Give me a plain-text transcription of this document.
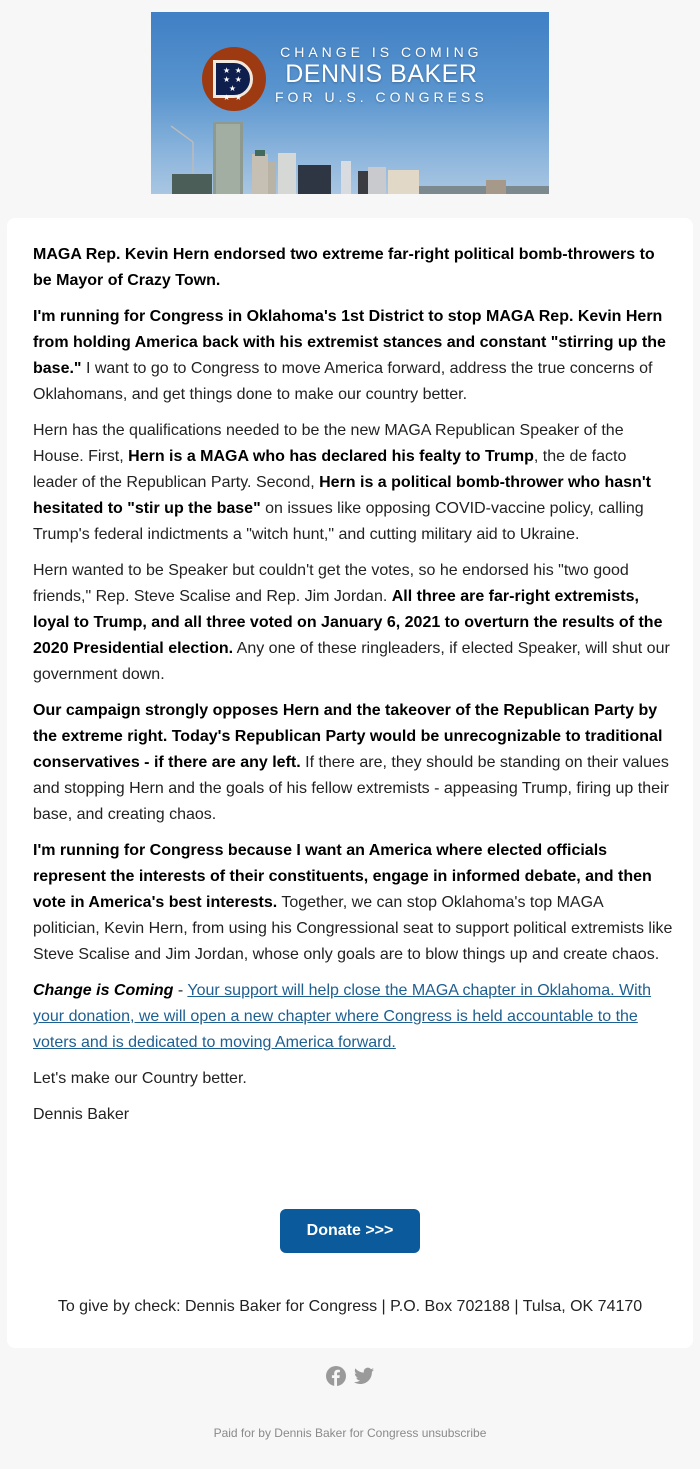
★ ★
★ ★ ★
★ ★
CHANGE IS COMING
DENNIS BAKER
FOR U.S. CONGRESS

MAGA Rep. Kevin Hern endorsed two extreme far-right political bomb-throwers to be Mayor of Crazy Town.

I'm running for Congress in Oklahoma's 1st District to stop MAGA Rep. Kevin Hern from holding America back with his extremist stances and constant "stirring up the base." I want to go to Congress to move America forward, address the true concerns of Oklahomans, and get things done to make our country better.

Hern has the qualifications needed to be the new MAGA Republican Speaker of the House. First, Hern is a MAGA who has declared his fealty to Trump, the de facto leader of the Republican Party. Second, Hern is a political bomb-thrower who hasn't hesitated to "stir up the base" on issues like opposing COVID-vaccine policy, calling Trump's federal indictments a "witch hunt," and cutting military aid to Ukraine.

Hern wanted to be Speaker but couldn't get the votes, so he endorsed his "two good friends," Rep. Steve Scalise and Rep. Jim Jordan. All three are far-right extremists, loyal to Trump, and all three voted on January 6, 2021 to overturn the results of the 2020 Presidential election. Any one of these ringleaders, if elected Speaker, will shut our government down.

Our campaign strongly opposes Hern and the takeover of the Republican Party by the extreme right. Today's Republican Party would be unrecognizable to traditional conservatives - if there are any left. If there are, they should be standing on their values and stopping Hern and the goals of his fellow extremists - appeasing Trump, firing up their base, and creating chaos.

I'm running for Congress because I want an America where elected officials represent the interests of their constituents, engage in informed debate, and then vote in America's best interests. Together, we can stop Oklahoma's top MAGA politician, Kevin Hern, from using his Congressional seat to support political extremists like Steve Scalise and Jim Jordan, whose only goals are to blow things up and create chaos.

Change is Coming - Your support will help close the MAGA chapter in Oklahoma. With your donation, we will open a new chapter where Congress is held accountable to the voters and is dedicated to moving America forward.

Let's make our Country better.

Dennis Baker

Donate >>>
To give by check: Dennis Baker for Congress | P.O. Box 702188 | Tulsa, OK 74170

Paid for by Dennis Baker for Congress unsubscribe
